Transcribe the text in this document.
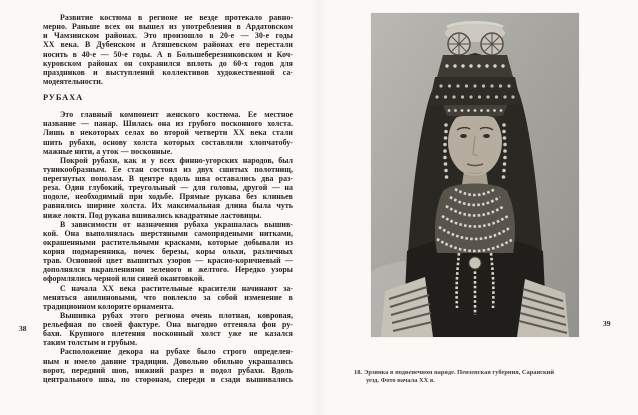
Развитие костюма в регионе не везде протекало равно-
мерно. Раньше всех он вышел из употребления в Ардатовском
и Чамзинском районах. Это произошло в 20-е — 30-е годы
XX века. В Дубенском и Атяшевском районах его перестали
носить в 40-е — 50-е годы. А в Большеберезниковском и Коч-
куровском районах он сохранился вплоть до 60-х годов для
праздников и выступлений коллективов художественной са-
модеятельности.
РУБАХА
Это главный компонент женского костюма. Ее местное
название — панар. Шилась она из грубого посконного холста.
Лишь в некоторых селах во второй четверти XX века стали
шить рубахи, основу холста которых составляли хлопчатобу-
мажные нити, а уток — посконные.
Покрой рубахи, как и у всех финно-угорских народов, был
туникообразным. Ее стан состоял из двух сшитых полотнищ,
перегнутых пополам. В центре вдоль шва оставались два раз-
реза. Один глубокий, треугольный — для головы, другой — на
подоле, необходимый при ходьбе. Прямые рукава без клиньев
равнялись ширине холста. Их максимальная длина была чуть
ниже локтя. Под рукава вшивались квадратные ластовицы.
В зависимости от назначения рубаха украшалась вышив-
кой. Она выполнялась шерстяными самопрядеными нитками,
окрашенными растительными красками, которые добывали из
корня подмаренника, почек березы, коры ольхи, различных
трав. Основной цвет вышитых узоров — красно-коричневый —
дополнялся вкраплениями зеленого и желтого. Нередко узоры
оформлялись черной или синей окантовкой.
С начала XX века растительные красители начинают за-
меняться анилиновыми, что повлекло за собой изменение в
традиционном колорите орнамента.
Вышивка рубах этого региона очень плотная, ковровая,
рельефная по своей фактуре. Она выгодно оттеняла фон ру-
бахи. Крупного плетения посконный холст уже не казался
таким толстым и грубым.
Расположение декора на рубахе было строго определен-
ным и имело давние традиции. Довольно обильно украшались
ворот, передний шов, нижний разрез и подол рубахи. Вдоль
центрального шва, по сторонам, спереди и сзади вышивались
38
18. Эрзянка в подвенечном наряде. Пензенская губерния, Саранский
уезд. Фото начала XX в.
39
